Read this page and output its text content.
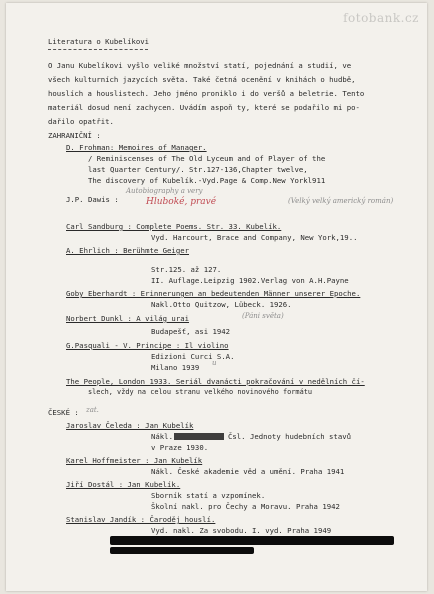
fotobank.cz
Literatura o Kubelíkovi
O Janu Kubelíkovi vyšlo veliké množství statí, pojednání a studií, ve
všech kulturních jazycích světa. Také četná ocenění v knihách o hudbě,
houslích a houslistech. Jeho jméno proniklo i do veršů a beletrie. Tento
materiál dosud není zachycen. Uvádím aspoň ty, které se podařilo mi po-
dařilo opatřit.
ZAHRANIČNÍ :
D. Frohman: Memoires of Manager.
/ Reminiscenses of The Old Lyceum and of Player of the
last Quarter Century/. Str.127-136,Chapter twelve,
The discovery of Kubelík.-Vyd.Page & Comp.New Yorkl911
J.P. Dawis :
Autobiography a very
Hluboké, pravé	(Velký velký americký román)
Carl Sandburg : Complete Poems. Str. 33. Kubelík.
Vyd. Harcourt, Brace and Company, New York,19..
A. Ehrlich : Berühmte Geiger
Str.125. až 127.
II. Auflage.Leipzig 1902.Verlag von A.H.Payne
Goby Eberhardt : Erinnerungen an bedeutenden Männer unserer Epoche.
Nakl.Otto Quitzow, Lübeck. 1926.
Norbert Dunkl : A világ urai	(Páni světa)
Budapešť, asi 1942
G.Pasquali - V. Principe : Il violino
Edizioni Curci S.A.
Milano 1939 u
The People, London 1933. Seriál dvanácti pokračování v nedělních čí-
slech, vždy na celou stranu velkého novinového formátu
ČESKÉ : zat.
Jaroslav Čeleda : Jan Kubelík
Nákl.	Čsl. Jednoty hudebních stavů
v Praze 1930.
Karel Hoffmeister : Jan Kubelík
Nákl. České akademie věd a umění. Praha 1941
Jiří Dostál : Jan Kubelík.
Sborník statí a vzpomínek.
Školní nakl. pro Čechy a Moravu. Praha 1942
Stanislav Jandík : Čaroděj houslí.
Vyd. nakl. Za svobodu. I. vyd. Praha 1949
